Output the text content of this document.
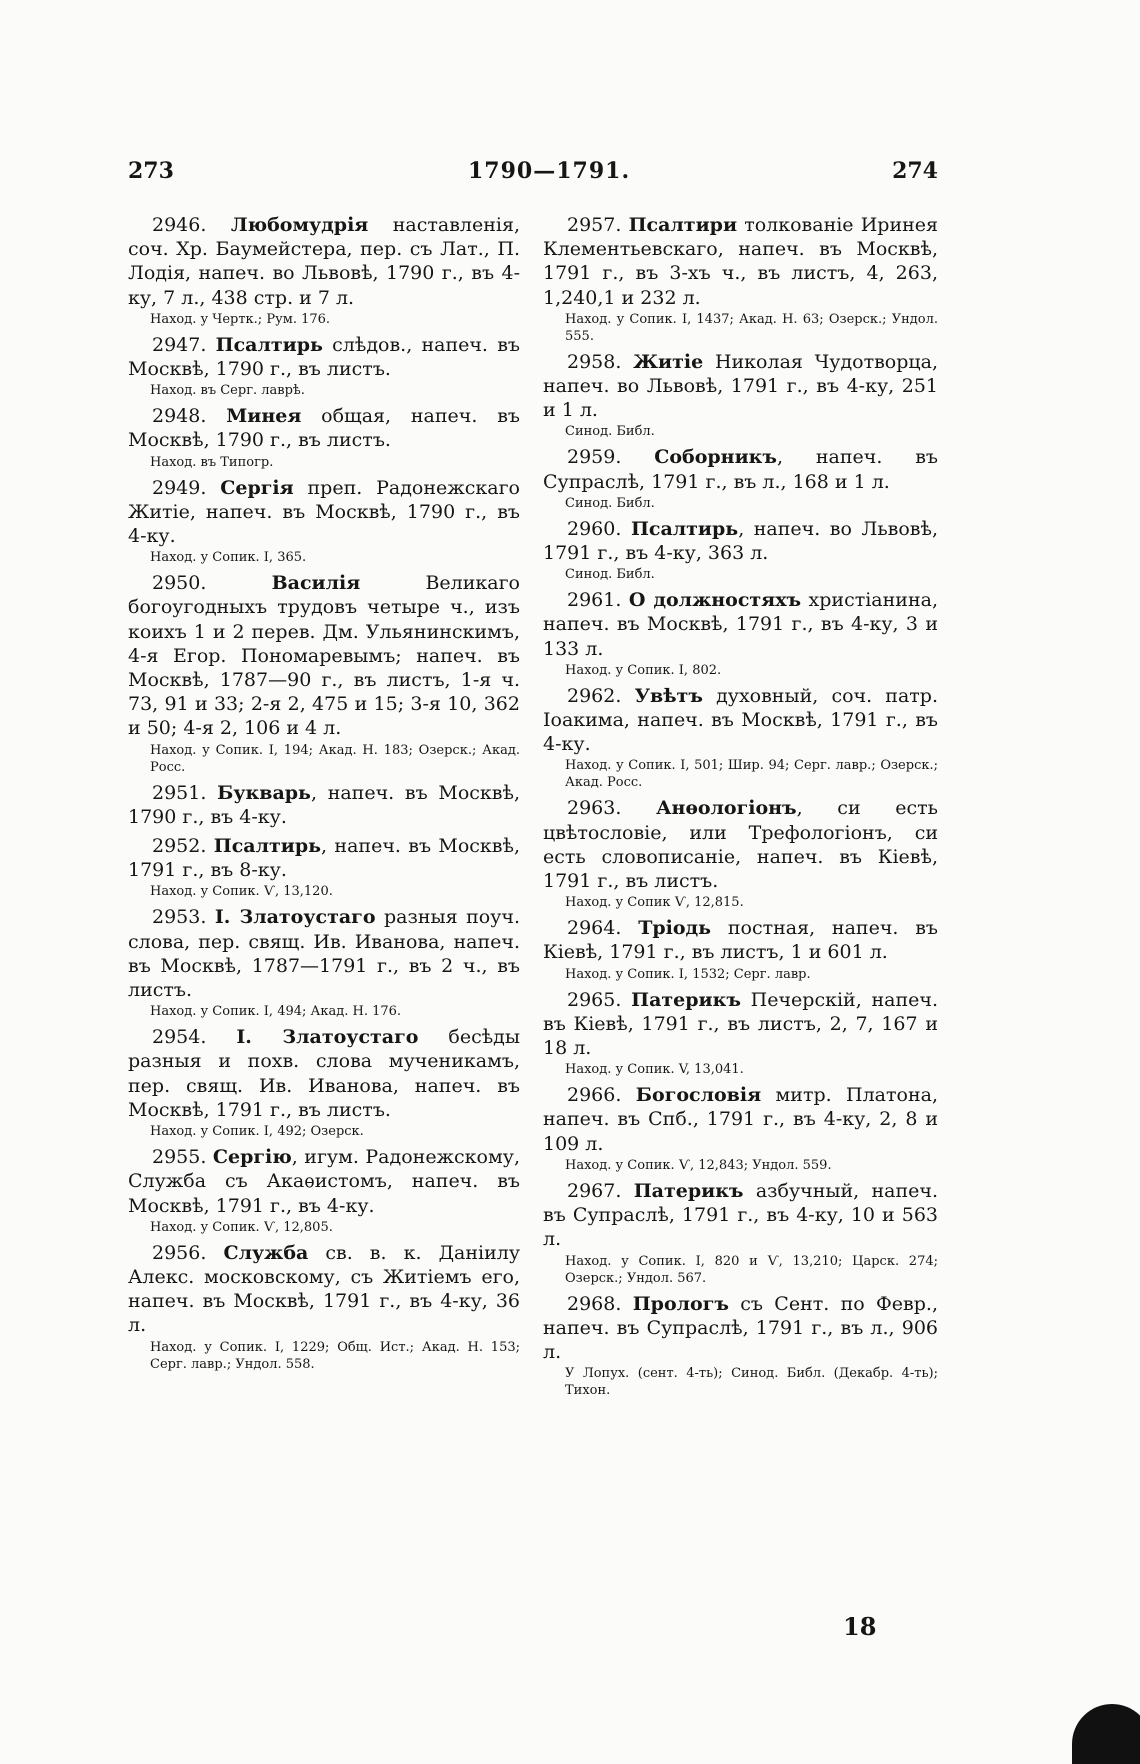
273	1790—1791.	274

2946. Любомудрія наставленія, соч. Хр. Баумейстера, пер. съ Лат., П. Лодія, напеч. во Львовѣ, 1790 г., въ 4-ку, 7 л., 438 стр. и 7 л.

Наход. у Чертк.; Рум. 176.

2947. Псалтирь слѣдов., напеч. въ Москвѣ, 1790 г., въ листъ.

Наход. въ Серг. лаврѣ.

2948. Минея общая, напеч. въ Москвѣ, 1790 г., въ листъ.

Наход. въ Типогр.

2949. Сергія преп. Радонежскаго Житіе, напеч. въ Москвѣ, 1790 г., въ 4-ку.

Наход. у Сопик. I, 365.

2950.	Василія Великаго богоугодныхъ трудовъ четыре ч., изъ коихъ 1 и 2 перев. Дм. Ульянинскимъ, 4-я Егор. Пономаревымъ; напеч. въ Москвѣ, 1787—90 г., въ листъ, 1-я ч. 73, 91 и 33; 2-я 2, 475 и 15; 3-я 10, 362 и 50; 4-я 2, 106 и 4 л.

Наход. у Сопик. I, 194; Акад. Н. 183; Озерск.; Акад. Росс.

2951. Букварь, напеч. въ Москвѣ, 1790 г., въ 4-ку.

2952. Псалтирь, напеч. въ Москвѣ, 1791 г., въ 8-ку.

Наход. у Сопик. Ѵ, 13,120.

2953. I. Златоустаго разныя поуч. слова, пер. свящ. Ив. Иванова, напеч. въ Москвѣ, 1787—1791 г., въ 2 ч., въ листъ.

Наход. у Сопик. I, 494; Акад. Н. 176.

2954. I. Златоустаго бесѣды разныя и похв. слова мученикамъ, пер. свящ. Ив. Иванова, напеч. въ Москвѣ, 1791 г., въ листъ.

Наход. у Сопик. I, 492; Озерск.

2955. Сергію, игум. Радонежскому, Служба съ Акаѳистомъ, напеч. въ Москвѣ, 1791 г., въ 4-ку.

Наход. у Сопик. Ѵ, 12,805.

2956. Служба св. в. к. Даніилу Алекс. московскому, съ Житіемъ его, напеч. въ Москвѣ, 1791 г., въ 4-ку, 36 л.

Наход. у Сопик. I, 1229; Общ. Ист.; Акад. Н. 153; Серг. лавр.; Ундол. 558.

2957. Псалтири толкованіе Иринея Клементьевскаго, напеч. въ Москвѣ, 1791 г., въ 3-хъ ч., въ листъ, 4, 263, 1,240,1 и 232 л.

Наход. у Сопик. I, 1437; Акад. Н. 63; Озерск.; Ундол. 555.

2958. Житіе Николая Чудотворца, напеч. во Львовѣ, 1791 г., въ 4-ку, 251 и 1 л.

Синод. Библ.

2959. Соборникъ, напеч. въ Супраслѣ, 1791 г., въ л., 168 и 1 л.

Синод. Библ.

2960. Псалтирь, напеч. во Львовѣ, 1791 г., въ 4-ку, 363 л.

Синод. Библ.

2961. О должностяхъ христіанина, напеч. въ Москвѣ, 1791 г., въ 4-ку, 3 и 133 л.

Наход. у Сопик. I, 802.

2962. Увѣтъ духовный, соч. патр. Іоакима, напеч. въ Москвѣ, 1791 г., въ 4-ку.

Наход. у Сопик. I, 501; Шир. 94; Серг. лавр.; Озерск.; Акад. Росс.

2963. Анѳологіонъ, си есть цвѣтословіе, или Трефологіонъ, си есть словописаніе, напеч. въ Кіевѣ, 1791 г., въ листъ.

Наход. у Сопик Ѵ, 12,815.

2964. Тріодь постная, напеч. въ Кіевѣ, 1791 г., въ листъ, 1 и 601 л.

Наход. у Сопик. I, 1532; Серг. лавр.

2965. Патерикъ Печерскій, напеч. въ Кіевѣ, 1791 г., въ листъ, 2, 7, 167 и 18 л.

Наход. у Сопик. V, 13,041.

2966. Богословія митр. Платона, напеч. въ Спб., 1791 г., въ 4-ку, 2, 8 и 109 л.

Наход. у Сопик. Ѵ, 12,843; Ундол. 559.

2967. Патерикъ азбучный, напеч. въ Супраслѣ, 1791 г., въ 4-ку, 10 и 563 л.

Наход. у Сопик. I, 820 и Ѵ, 13,210; Царск. 274; Озерск.; Ундол. 567.

2968. Прологъ съ Сент. по Февр., напеч. въ Супраслѣ, 1791 г., въ л., 906 л.

У Лопух. (сент. 4-ть); Синод. Библ. (Декабр. 4-ть); Тихон.

18
